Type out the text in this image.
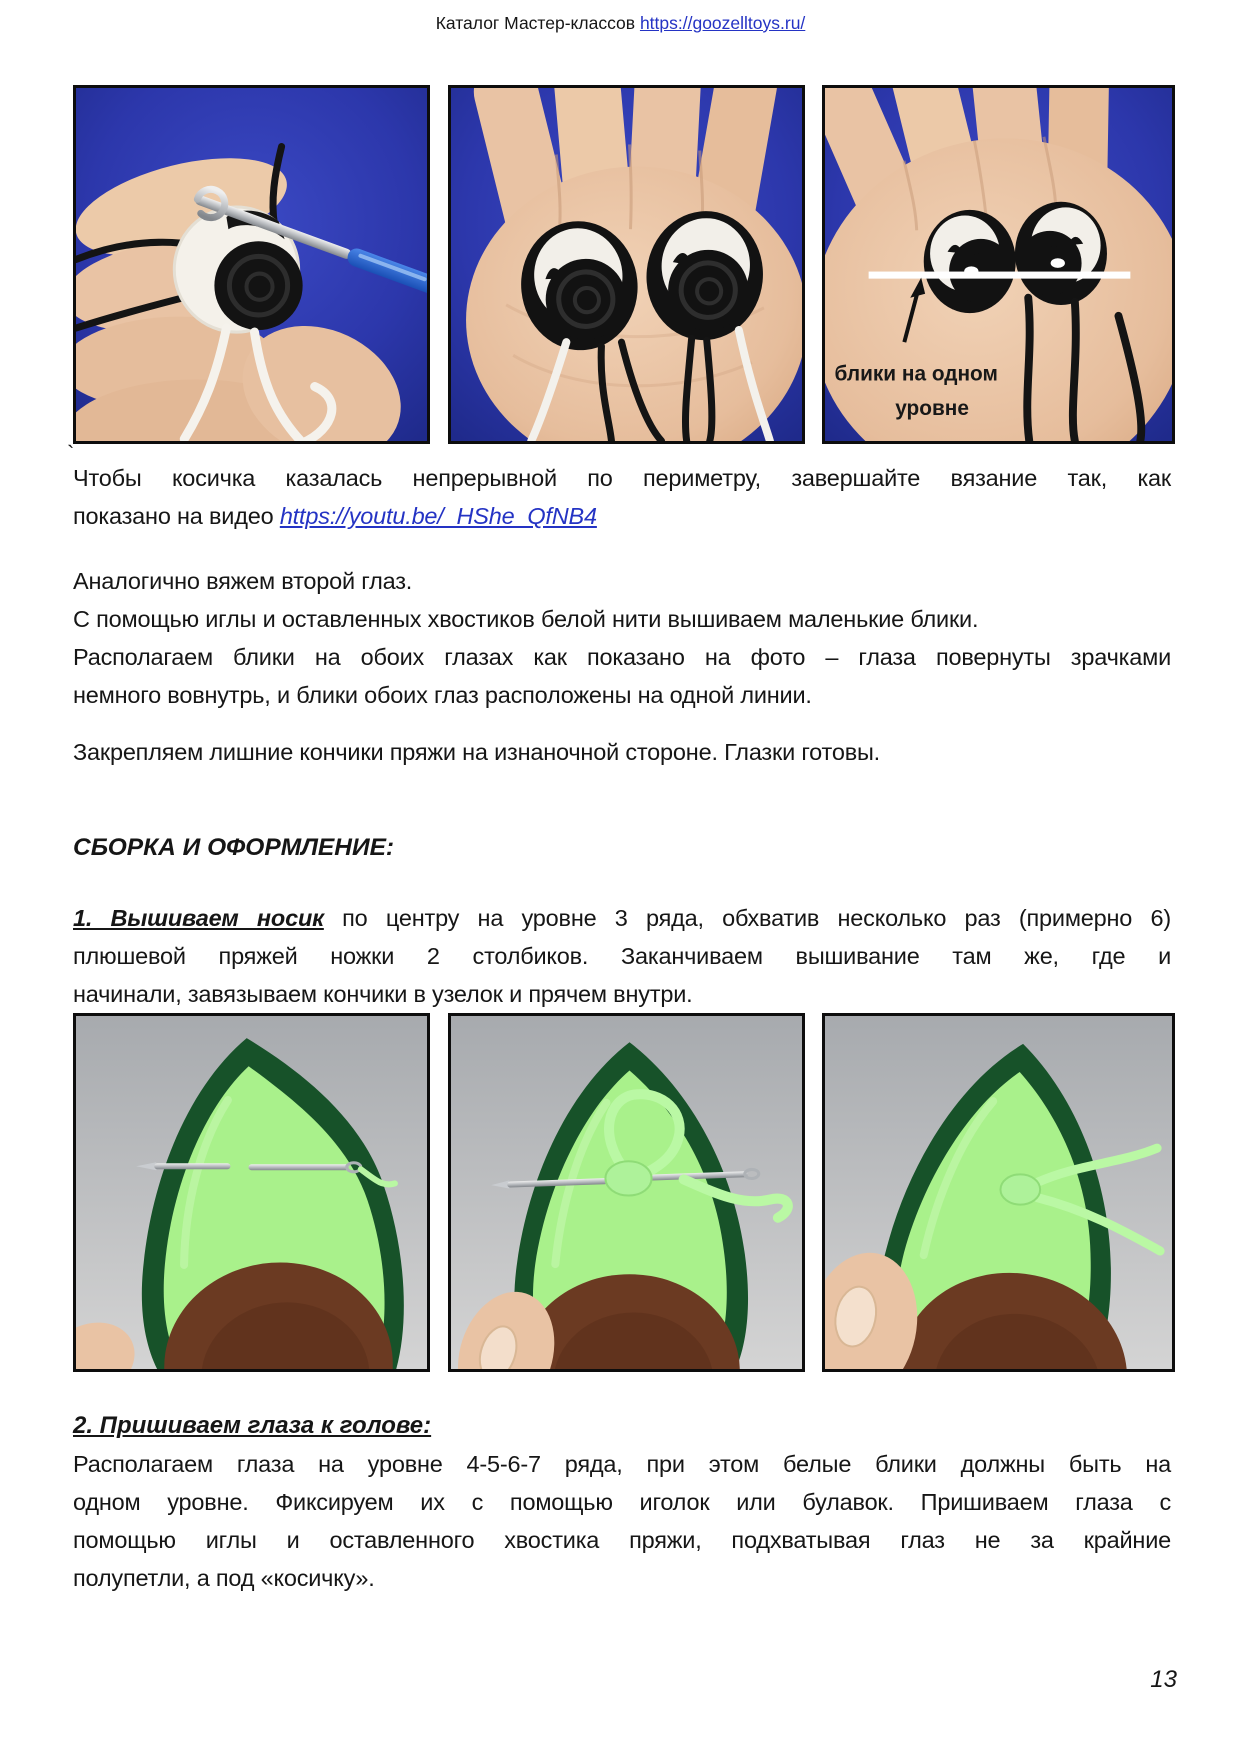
Каталог Мастер-классов https://goozelltoys.ru/
блики на одном
уровне
`

Чтобы косичка казалась непрерывной по периметру, завершайте вязание так, как

показано на видео https://youtu.be/_HShe_QfNB4

Аналогично вяжем второй глаз.

С помощью иглы и оставленных хвостиков белой нити вышиваем маленькие блики.

Располагаем блики на обоих глазах как показано на фото – глаза повернуты зрачками

немного вовнутрь, и блики обоих глаз расположены на одной линии.

Закрепляем лишние кончики пряжи на изнаночной стороне. Глазки готовы.

СБОРКА И ОФОРМЛЕНИЕ:

1. Вышиваем носик по центру на уровне 3 ряда, обхватив несколько раз (примерно 6)

плюшевой пряжей ножки 2 столбиков. Заканчиваем вышивание там же, где и

начинали, завязываем кончики в узелок и прячем внутри.

2. Пришиваем глаза к голове:

Располагаем глаза на уровне 4-5-6-7 ряда, при этом белые блики должны быть на

одном уровне. Фиксируем их с помощью иголок или булавок. Пришиваем глаза с

помощью иглы и оставленного хвостика пряжи, подхватывая глаз не за крайние

полупетли, а под «косичку».

13
